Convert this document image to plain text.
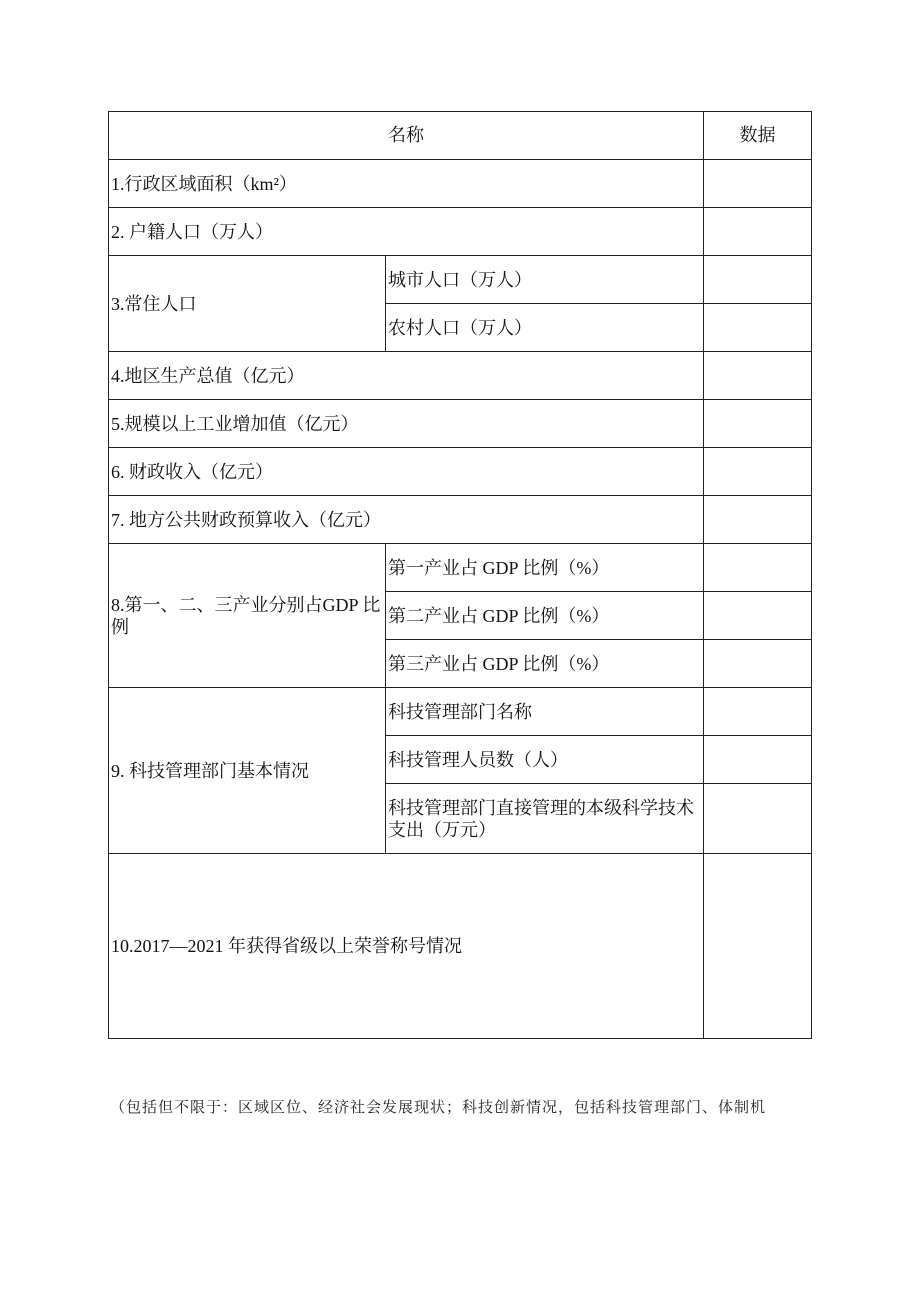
名称		数据
1.行政区域面积（km²）		
2. 户籍人口（万人）		
3.常住人口	城市人口（万人）	
	农村人口（万人）	
4.地区生产总值（亿元）		
5.规模以上工业增加值（亿元）		
6. 财政收入（亿元）		
7. 地方公共财政预算收入（亿元）		
8.第一、二、三产业分别占GDP 比例	第一产业占 GDP 比例（%）	
	第二产业占 GDP 比例（%）	
	第三产业占 GDP 比例（%）	
9. 科技管理部门基本情况	科技管理部门名称	
	科技管理人员数（人）	
	科技管理部门直接管理的本级科学技术支出（万元）	
10.2017—2021 年获得省级以上荣誉称号情况		
（包括但不限于：区域区位、经济社会发展现状；科技创新情况，包括科技管理部门、体制机
